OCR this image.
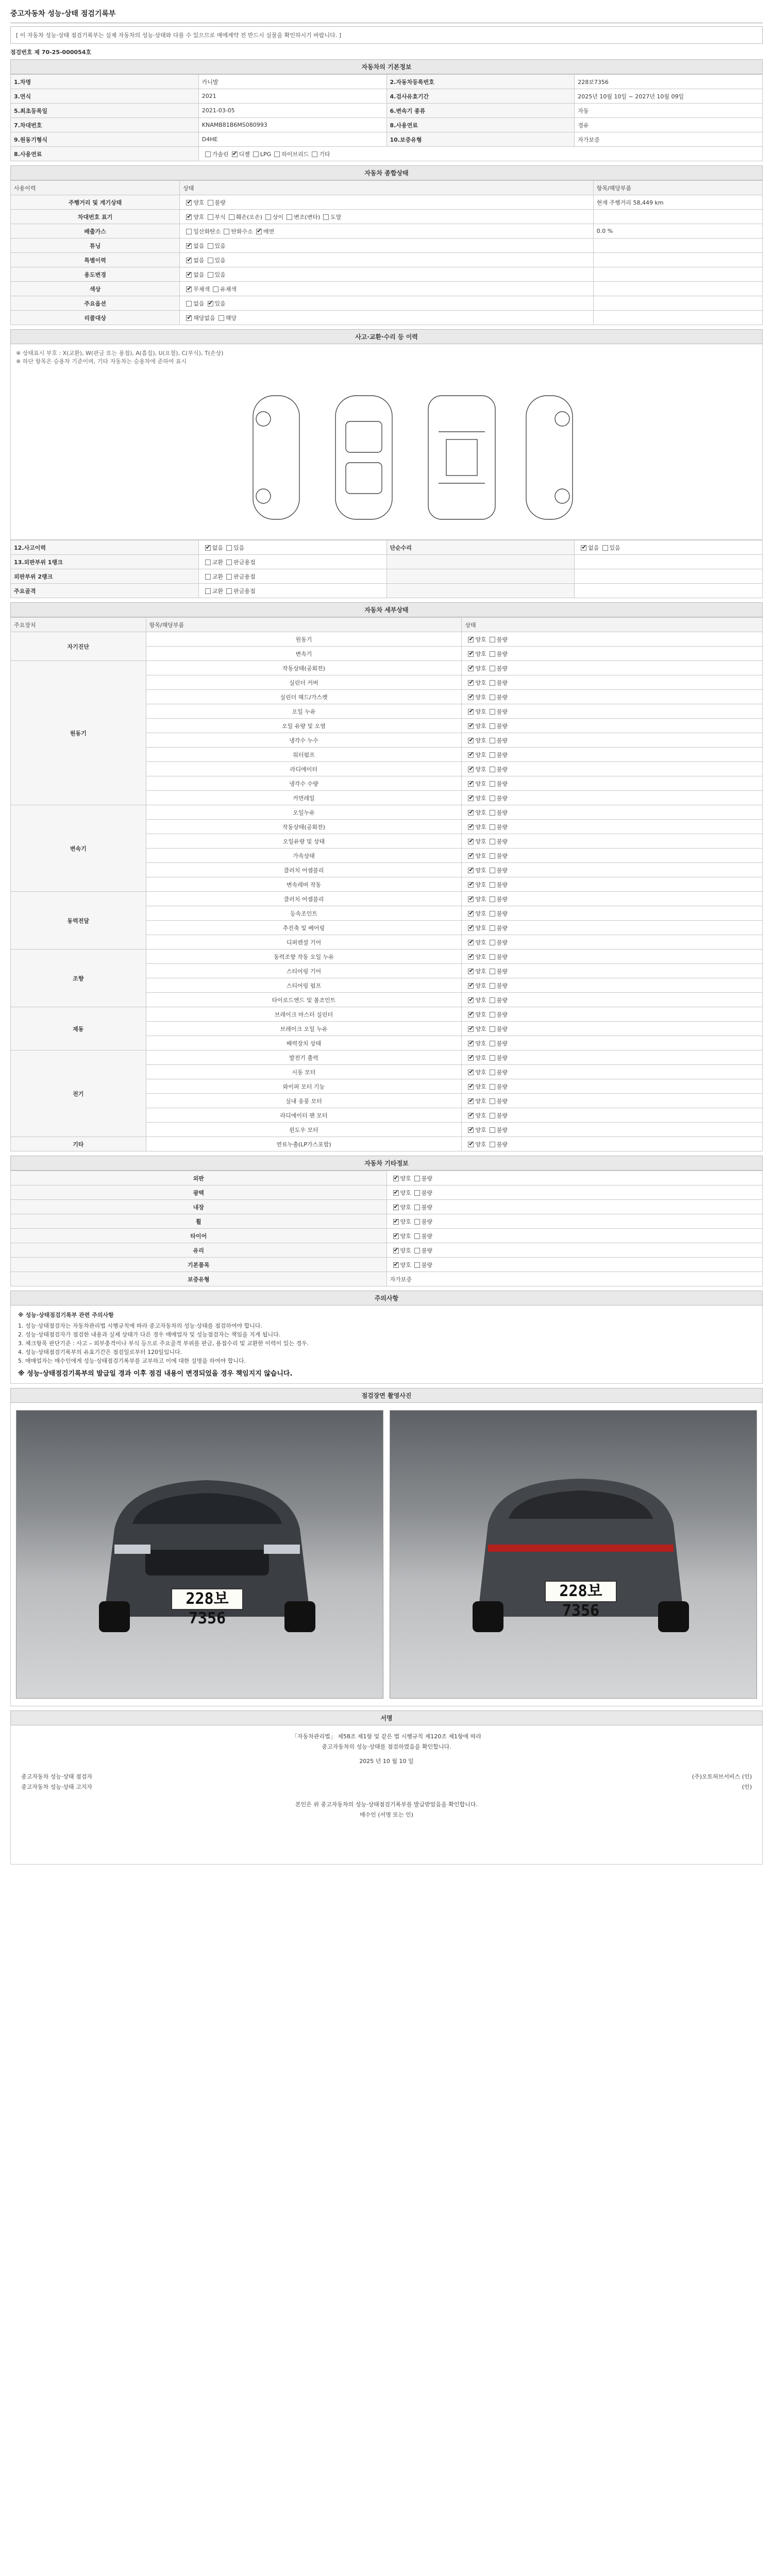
중고자동차 성능·상태 점검기록부
[ 이 자동차 성능·상태 점검기록부는 실제 자동차의 성능·상태와 다를 수 있으므로 매매계약 전 반드시 실물을 확인하시기 바랍니다. ]
점검번호 제 70-25-000054호
자동차의 기본정보
1.차명	카니발	2.자동차등록번호	228보7356
3.연식	2021	4.검사유효기간	2025년 10월 10일 ~ 2027년 10월 09일
5.최초등록일	2021-03-05	6.변속기 종류	자동
7.차대번호	KNAMB81B6MS080993	8.사용연료	경유
9.원동기형식	D4HE	10.보증유형	자가보증
8.사용연료	가솔린 ✔ 디젤 LPG 하이브리드 기타
자동차 종합상태
사용이력	상태	항목/해당부품
주행거리 및 계기상태	✔양호 불량	현재 주행거리 58,449 km
차대번호 표기	✔양호 부식 훼손(오손) 상이 변조(변타) 도말	
배출가스	일산화탄소 탄화수소 ✔ 매연	0.0 %
튜닝	✔없음 있음	
특별이력	✔없음 있음	
용도변경	✔없음 있음	
색상	✔무채색 유채색	
주요옵션	없음 ✔ 있음	
리콜대상	✔해당없음 해당	
사고·교환·수리 등 이력
※ 상태표시 부호 : X(교환), W(판금 또는 용접), A(흠집), U(요철), C(부식), T(손상)
※ 하단 항목은 승용차 기준이며, 기타 자동차는 승용차에 준하여 표시
12.사고이력	✔없음 있음	단순수리	✔없음 있음
13.외판부위 1랭크	교환 판금용접		
외판부위 2랭크	교환 판금용접		
주요골격	교환 판금용접		
자동차 세부상태
주요장치	항목/해당부품	상태
자기진단	원동기	✔양호 불량
	변속기	✔양호 불량
원동기	작동상태(공회전)	✔양호 불량
	실린더 커버	✔양호 불량
	실린더 헤드/가스켓	✔양호 불량
	오일 누유	✔양호 불량
	오일 유량 및 오염	✔양호 불량
	냉각수 누수	✔양호 불량
	워터펌프	✔양호 불량
	라디에이터	✔양호 불량
	냉각수 수량	✔양호 불량
	커먼레일	✔양호 불량
변속기	오일누유	✔양호 불량
	작동상태(공회전)	✔양호 불량
	오일유량 및 상태	✔양호 불량
	가속상태	✔양호 불량
	클러치 어셈블리	✔양호 불량
	변속레버 작동	✔양호 불량
동력전달	클러치 어셈블리	✔양호 불량
	등속조인트	✔양호 불량
	추진축 및 베어링	✔양호 불량
	디퍼렌셜 기어	✔양호 불량
조향	동력조향 작동 오일 누유	✔양호 불량
	스티어링 기어	✔양호 불량
	스티어링 펌프	✔양호 불량
	타이로드엔드 및 볼조인트	✔양호 불량
제동	브레이크 마스터 실린더	✔양호 불량
	브레이크 오일 누유	✔양호 불량
	배력장치 상태	✔양호 불량
전기	발전기 출력	✔양호 불량
	시동 모터	✔양호 불량
	와이퍼 모터 기능	✔양호 불량
	실내 송풍 모터	✔양호 불량
	라디에이터 팬 모터	✔양호 불량
	윈도우 모터	✔양호 불량
기타	연료누출(LP가스포함)	✔양호 불량
자동차 기타정보
외판	✔양호 불량
광택	✔양호 불량
내장	✔양호 불량
휠	✔양호 불량
타이어	✔양호 불량
유리	✔양호 불량
기본품목	✔양호 불량
보증유형	자가보증
주의사항
※ 성능·상태점검기록부 관련 주의사항
1. 성능·상태점검자는 자동차관리법 시행규칙에 따라 중고자동차의 성능·상태를 점검하여야 합니다.
2. 성능·상태점검자가 점검한 내용과 실제 상태가 다른 경우 매매업자 및 성능점검자는 책임을 지게 됩니다.
3. 체크항목 판단기준 : 사고 – 외부충격이나 부식 등으로 주요골격 부위를 판금, 용접수리 및 교환한 이력이 있는 경우.
4. 성능·상태점검기록부의 유효기간은 점검일로부터 120일입니다.
5. 매매업자는 매수인에게 성능·상태점검기록부를 교부하고 이에 대한 설명을 하여야 합니다.
※ 성능·상태점검기록부의 발급일 경과 이후 점검 내용이 변경되었을 경우 책임지지 않습니다.
점검장면 촬영사진
228보 7356
228보 7356
서명
「자동차관리법」 제58조 제1항 및 같은 법 시행규칙 제120조 제1항에 따라
중고자동차의 성능·상태를 점검하였음을 확인합니다.
2025 년 10 월 10 일
중고자동차 성능·상태 점검자	(주)오토허브서비스 (인)
중고자동차 성능·상태 고지자	(인)
본인은 위 중고자동차의 성능·상태점검기록부를 발급받았음을 확인합니다.
매수인 (서명 또는 인)
